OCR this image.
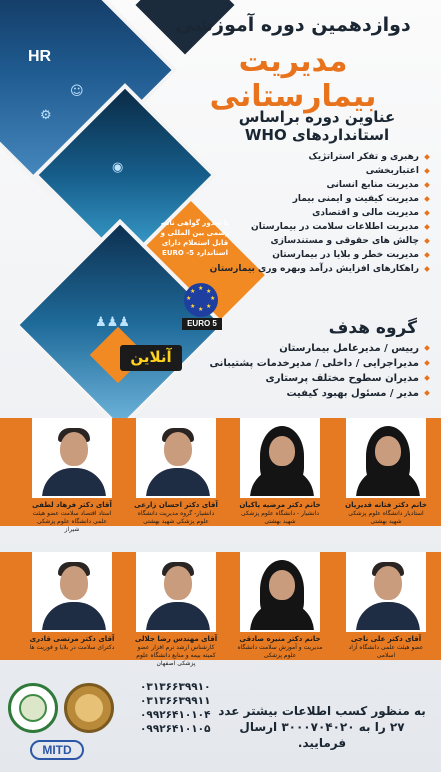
HR
☺
⚙
◉
♟♟♟
دوازدهمین دوره آموزشی
مدیریت بیمارستانی
عناوین دوره براساس
استانداردهای WHO
رهبری و تفکر استراتژیک
اعتباربخشی
مدیریت منابع انسانی
مدیریت کیفیت و ایمنی بیمار
مدیریت مالی و اقتصادی
مدیریت اطلاعات سلامت در بیمارستان
چالش های حقوقی و مستندسازی
مدیریت خطر و بلایا در بیمارستان
راهکارهای افزایش درآمد وبهره وری بیمارستان
با صدور گواهی نامه رسمی بین المللی و قابل استعلام دارای استاندارد EURO -5
★ ★
★
★
★
★
★
★
EURO 5
آنلاین
گروه هدف
رییس / مدیرعامل بیمارستان
مدیراجرایی / داخلی / مدیرخدمات پشتیبانی
مدیران سطوح مختلف پرستاری
مدیر / مسئول بهبود کیفیت
خانم دکتر فتانه قدیریان
استادیار دانشگاه علوم پزشکی شهید بهشتی
خانم دکتر مرضیه پاکیان
دانشیار - دانشگاه علوم پزشکی شهید بهشتی
آقای دکتر احسان زارعی
دانشیار- گروه مدیریت دانشگاه علوم پزشکی شهید بهشتی
آقای دکتر فرهاد لطفی
استاد اقتصاد سلامت عضو هیئت علمی دانشگاه علوم پزشکی شیراز
آقای دکتر علی ناجی
عضو هیئت علمی دانشگاه آزاد اسلامی
خانم دکتر منیره صادقی
مدیریت و آموزش سلامت دانشگاه علوم پزشکی
آقای مهندس رضا جلالی
کارشناس ارشد نرم افزار عضو کمیته بیمه و منابع دانشگاه علوم پزشکی اصفهان
آقای دکتر مرتضی قادری
دکترای سلامت در بلایا و فوریت ها
به منظور کسب اطلاعات بیشتر عدد
۲۷ را به ۳۰۰۰۷۰۴۰۲۰ ارسال فرمایید.
۰۳۱۳۶۶۳۹۹۱۰
۰۳۱۳۶۶۳۹۹۱۱
۰۹۹۲۶۴۱۰۱۰۴
۰۹۹۲۶۴۱۰۱۰۵
MITD
